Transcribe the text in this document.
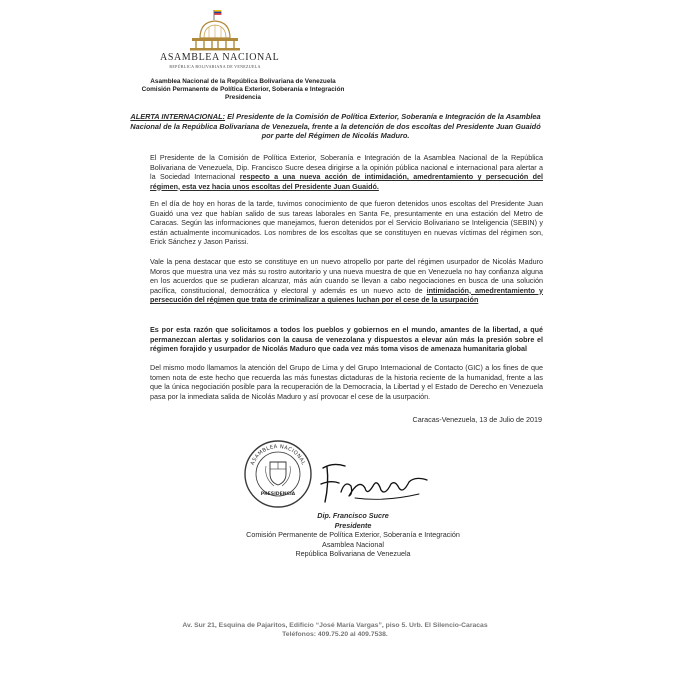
ASAMBLEA NACIONAL
REPÚBLICA BOLIVARIANA DE VENEZUELA
Asamblea Nacional de la República Bolivariana de Venezuela
Comisión Permanente de Política Exterior, Soberanía e Integración
Presidencia
ALERTA INTERNACIONAL: El Presidente de la Comisión de Política Exterior, Soberanía e Integración de la Asamblea Nacional de la República Bolivariana de Venezuela, frente a la detención de dos escoltas del Presidente Juan Guaidó por parte del Régimen de Nicolás Maduro.
El Presidente de la Comisión de Política Exterior, Soberanía e Integración de la Asamblea Nacional de la República Bolivariana de Venezuela, Dip. Francisco Sucre desea dirigirse a la opinión pública nacional e internacional para alertar a la Sociedad Internacional respecto a una nueva acción de intimidación, amedrentamiento y persecución del régimen, esta vez hacia unos escoltas del Presidente Juan Guaidó.
En el día de hoy en horas de la tarde, tuvimos conocimiento de que fueron detenidos unos escoltas del Presidente Juan Guaidó una vez que habían salido de sus tareas laborales en Santa Fe, presuntamente en una estación del Metro de Caracas. Según las informaciones que manejamos, fueron detenidos por el Servicio Bolivariano se Inteligencia (SEBIN) y están actualmente incomunicados. Los nombres de los escoltas que se constituyen en nuevas víctimas del régimen son, Erick Sánchez y Jason Parissi.
Vale la pena destacar que esto se constituye en un nuevo atropello por parte del régimen usurpador de Nicolás Maduro Moros que muestra una vez más su rostro autoritario y una nueva muestra de que en Venezuela no hay confianza alguna en los acuerdos que se pudieran alcanzar, más aún cuando se llevan a cabo negociaciones en busca de una solución pacífica, constitucional, democrática y electoral y además es un nuevo acto de intimidación, amedrentamiento y persecución del régimen que trata de criminalizar a quienes luchan por el cese de la usurpación
Es por esta razón que solicitamos a todos los pueblos y gobiernos en el mundo, amantes de la libertad, a qué permanezcan alertas y solidarios con la causa de venezolana y dispuestos a elevar aún más la presión sobre el régimen forajido y usurpador de Nicolás Maduro que cada vez más toma visos de amenaza humanitaria global
Del mismo modo llamamos la atención del Grupo de Lima y del Grupo Internacional de Contacto (GIC) a los fines de que tomen nota de este hecho que recuerda las más funestas dictaduras de la historia reciente de la humanidad, frente a las que la única negociación posible para la recuperación de la Democracia, la Libertad y el Estado de Derecho en Venezuela pasa por la inmediata salida de Nicolás Maduro y así provocar el cese de la usurpación.
Caracas-Venezuela, 13 de Julio de 2019
ASAMBLEA NACIONAL
PRESIDENCIA
Dip. Francisco Sucre
Presidente
Comisión Permanente de Política Exterior, Soberanía e Integración
Asamblea Nacional
República Bolivariana de Venezuela
Av. Sur 21, Esquina de Pajaritos, Edificio “José María Vargas”, piso 5. Urb. El Silencio-Caracas
Teléfonos: 409.75.20 al 409.7538.
